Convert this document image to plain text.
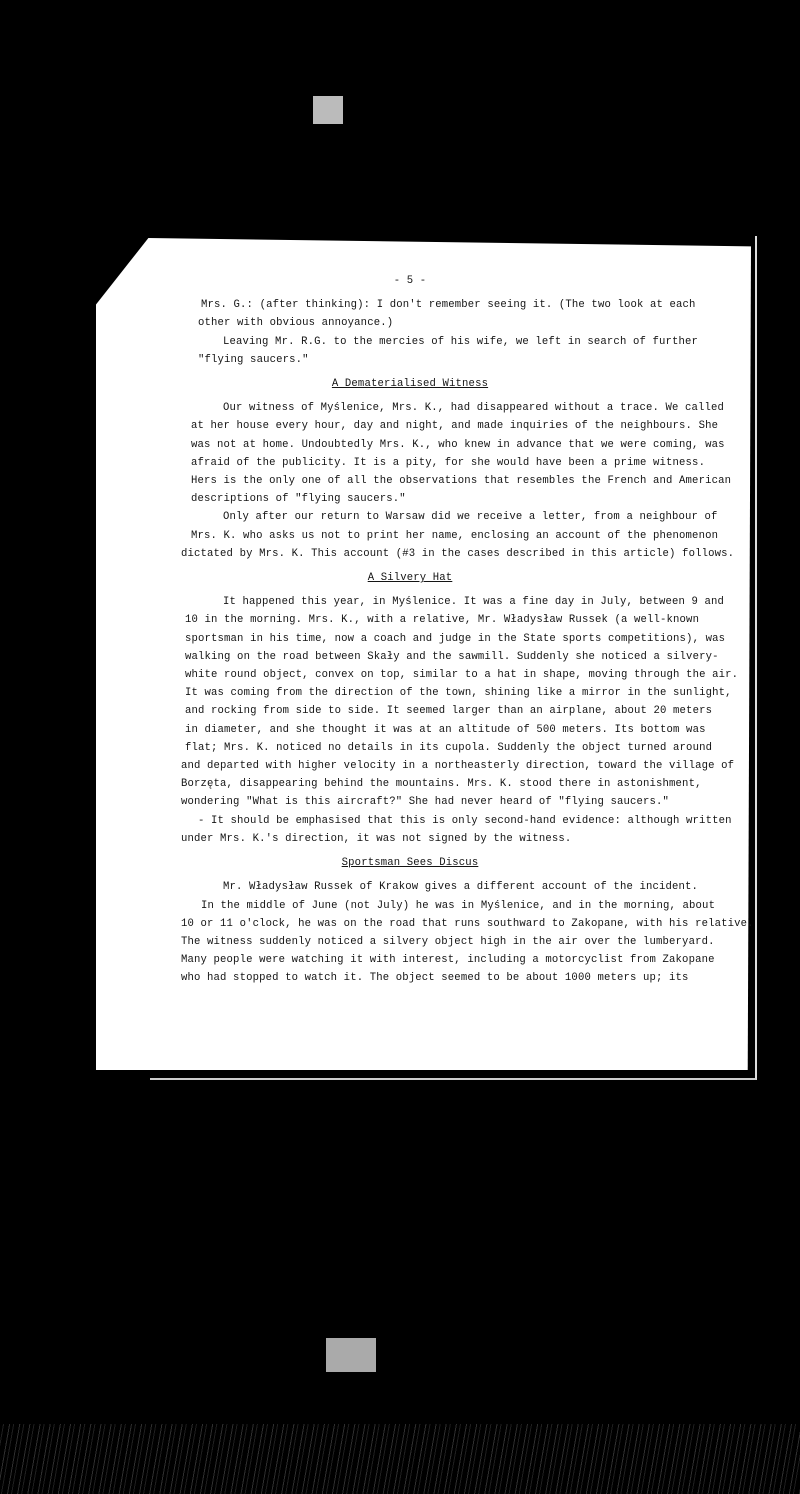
- 5 -

Mrs. G.: (after thinking): I don't remember seeing it. (The two look at each

other with obvious annoyance.)

Leaving Mr. R.G. to the mercies of his wife, we left in search of further

"flying saucers."

A Dematerialised Witness

Our witness of Myślenice, Mrs. K., had disappeared without a trace. We called

at her house every hour, day and night, and made inquiries of the neighbours. She

was not at home. Undoubtedly Mrs. K., who knew in advance that we were coming, was

afraid of the publicity. It is a pity, for she would have been a prime witness.

Hers is the only one of all the observations that resembles the French and American

descriptions of "flying saucers."

Only after our return to Warsaw did we receive a letter, from a neighbour of

Mrs. K. who asks us not to print her name, enclosing an account of the phenomenon

dictated by Mrs. K. This account (#3 in the cases described in this article) follows.

A Silvery Hat

It happened this year, in Myślenice. It was a fine day in July, between 9 and

10 in the morning. Mrs. K., with a relative, Mr. Władysław Russek (a well-known

sportsman in his time, now a coach and judge in the State sports competitions), was

walking on the road between Skały and the sawmill. Suddenly she noticed a silvery-

white round object, convex on top, similar to a hat in shape, moving through the air.

It was coming from the direction of the town, shining like a mirror in the sunlight,

and rocking from side to side. It seemed larger than an airplane, about 20 meters

in diameter, and she thought it was at an altitude of 500 meters. Its bottom was

flat; Mrs. K. noticed no details in its cupola. Suddenly the object turned around

and departed with higher velocity in a northeasterly direction, toward the village of

Borzęta, disappearing behind the mountains. Mrs. K. stood there in astonishment,

wondering "What is this aircraft?" She had never heard of "flying saucers."

- It should be emphasised that this is only second-hand evidence: although written

under Mrs. K.'s direction, it was not signed by the witness.

Sportsman Sees Discus

Mr. Władysław Russek of Krakow gives a different account of the incident.

In the middle of June (not July) he was in Myślenice, and in the morning, about

10 or 11 o'clock, he was on the road that runs southward to Zakopane, with his relative.

The witness suddenly noticed a silvery object high in the air over the lumberyard.

Many people were watching it with interest, including a motorcyclist from Zakopane

who had stopped to watch it. The object seemed to be about 1000 meters up; its
